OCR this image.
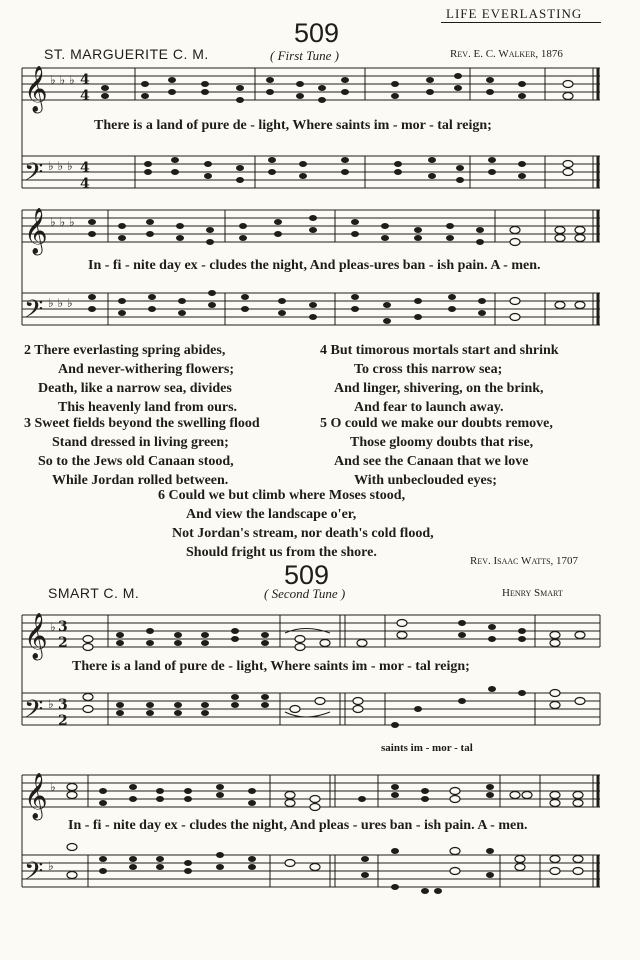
LIFE EVERLASTING
509
ST. MARGUERITE C. M.	( First Tune )	Rev. E. C. Walker, 1876
𝄞
𝄢
♭ ♭ ♭
♭ ♭ ♭
4
4
4
4
There is a land of pure de - light, Where saints im - mor - tal reign;
𝄞
𝄢
♭ ♭ ♭
♭ ♭ ♭
In - fi - nite day ex - cludes the night, And pleas-ures ban - ish pain. A - men.
2 There everlasting spring abides,
And never-withering flowers;
Death, like a narrow sea, divides
This heavenly land from ours.
3 Sweet fields beyond the swelling flood
Stand dressed in living green;
So to the Jews old Canaan stood,
While Jordan rolled between.
4 But timorous mortals start and shrink
To cross this narrow sea;
And linger, shivering, on the brink,
And fear to launch away.
5 O could we make our doubts remove,
Those gloomy doubts that rise,
And see the Canaan that we love
With unbeclouded eyes;
6 Could we but climb where Moses stood,
And view the landscape o'er,
Not Jordan's stream, nor death's cold flood,
Should fright us from the shore.
Rev. Isaac Watts, 1707
509
SMART C. M.	( Second Tune )	Henry Smart
𝄞
𝄢
♭
♭
3
2
3
2
There is a land of pure de - light, Where saints im - mor - tal reign;
saints im - mor - tal
𝄞
𝄢
♭
♭
In - fi - nite day ex - cludes the night, And pleas - ures ban - ish pain. A - men.
